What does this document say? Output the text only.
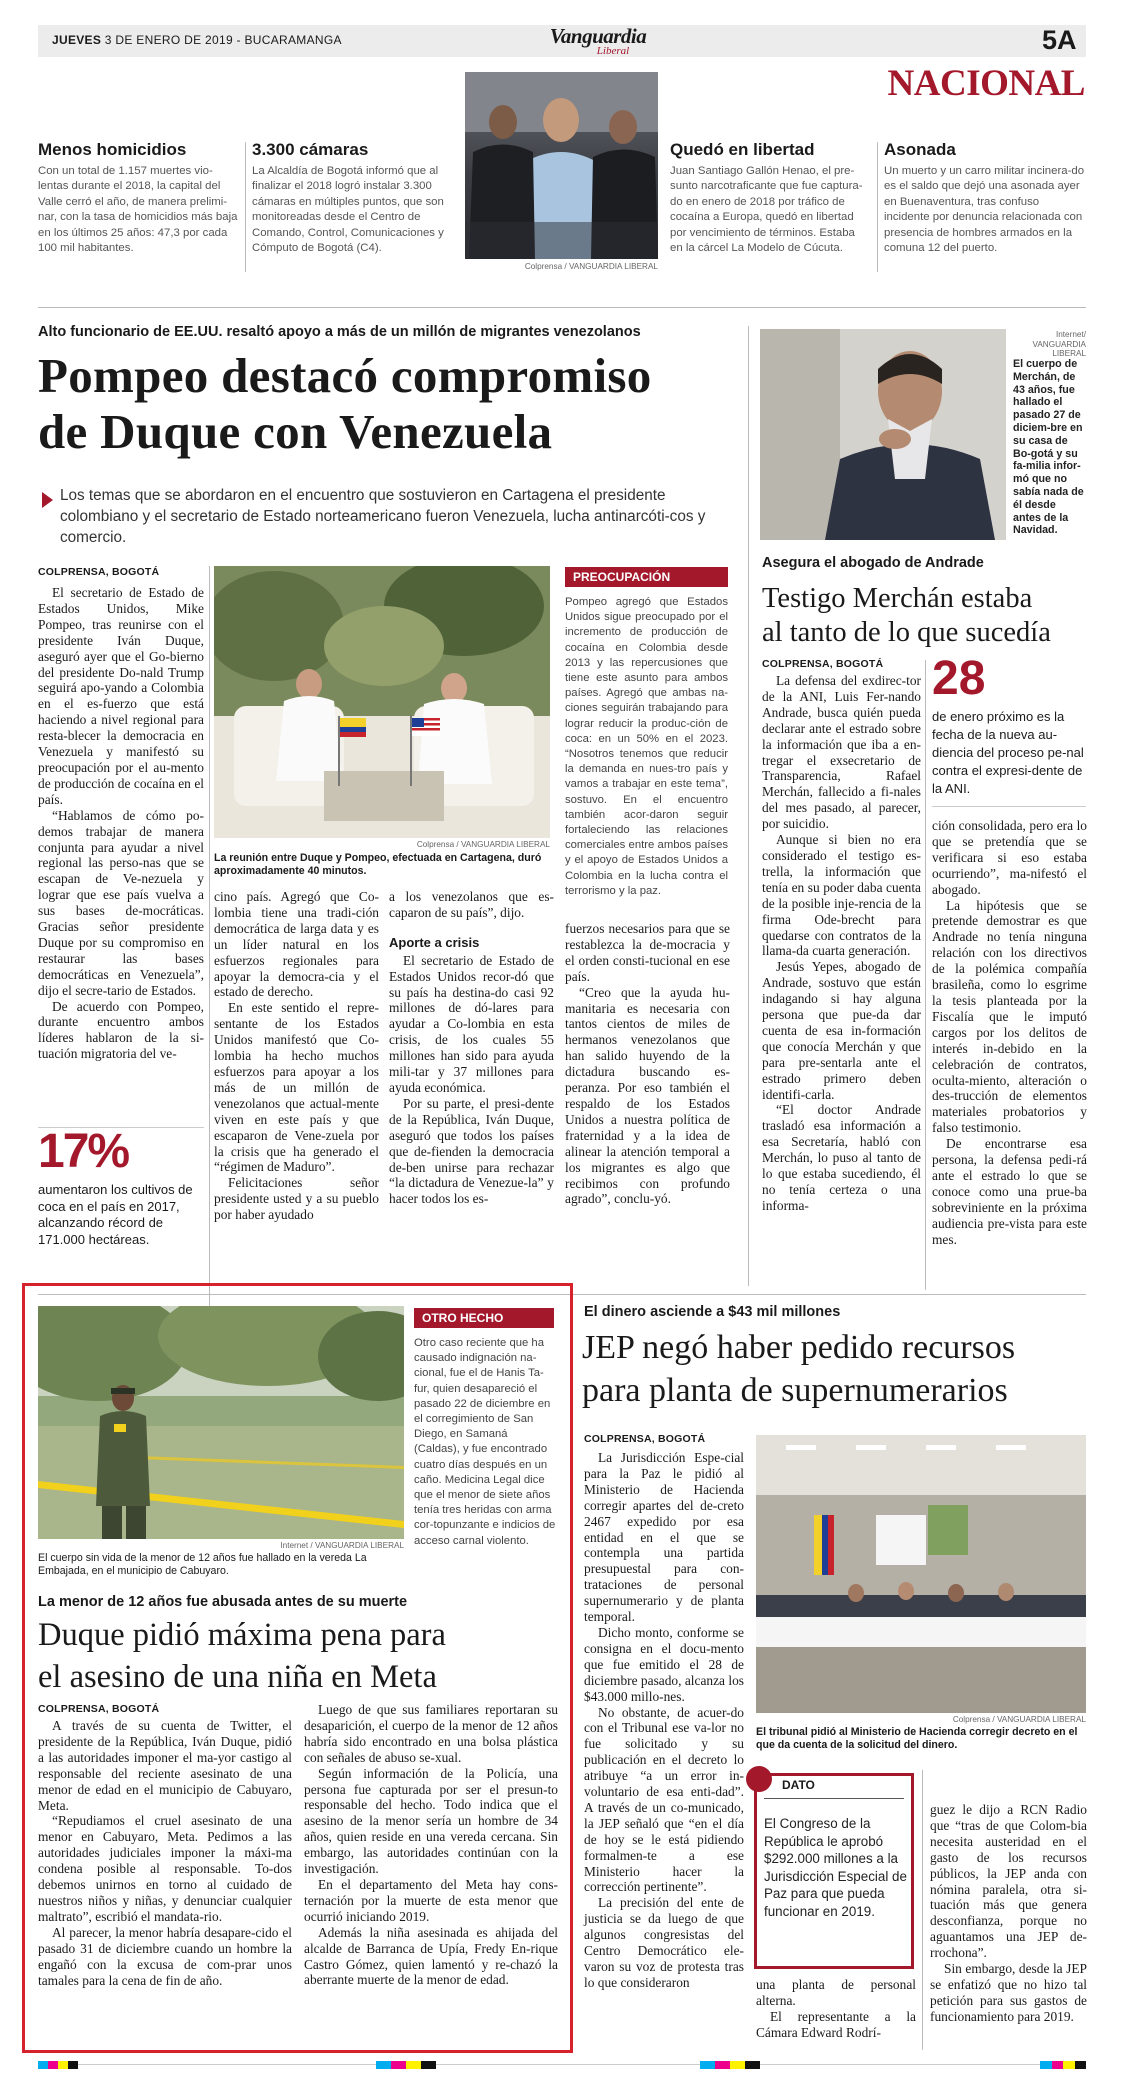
JUEVES 3 DE ENERO DE 2019 - BUCARAMANGA	Vanguardia
Liberal	5A
NACIONAL
Menos homicidios
Con un total de 1.157 muertes vio-lentas durante el 2018, la capital del Valle cerró el año, de manera prelimi-nar, con la tasa de homicidios más baja en los últimos 25 años: 47,3 por cada 100 mil habitantes.
3.300 cámaras
La Alcaldía de Bogotá informó que al finalizar el 2018 logró instalar 3.300 cámaras en múltiples puntos, que son monitoreadas desde el Centro de Comando, Control, Comunicaciones y Cómputo de Bogotá (C4).
Colprensa / VANGUARDIA LIBERAL
Quedó en libertad
Juan Santiago Gallón Henao, el pre-sunto narcotraficante que fue captura-do en enero de 2018 por tráfico de cocaína a Europa, quedó en libertad por vencimiento de términos. Estaba en la cárcel La Modelo de Cúcuta.
Asonada
Un muerto y un carro militar incinera-do es el saldo que dejó una asonada ayer en Buenaventura, tras confuso incidente por denuncia relacionada con presencia de hombres armados en la comuna 12 del puerto.
Alto funcionario de EE.UU. resaltó apoyo a más de un millón de migrantes venezolanos
Pompeo destacó compromiso
de Duque con Venezuela
Los temas que se abordaron en el encuentro que sostuvieron en Cartagena el presidente colombiano y el secretario de Estado norteamericano fueron Venezuela, lucha antinarcóti-cos y comercio.
COLPRENSA, BOGOTÁ

El secretario de Estado de Estados Unidos, Mike Pompeo, tras reunirse con el presidente Iván Duque, aseguró ayer que el Go-bierno del presidente Do-nald Trump seguirá apo-yando a Colombia en el es-fuerzo que está haciendo a nivel regional para resta-blecer la democracia en Venezuela y manifestó su preocupación por el au-mento de producción de cocaína en el país.

“Hablamos de cómo po-demos trabajar de manera conjunta para ayudar a nivel regional las perso-nas que se escapan de Ve-nezuela y lograr que ese país vuelva a sus bases de-mocráticas. Gracias señor presidente Duque por su compromiso en restaurar las bases democráticas en Venezuela”, dijo el secre-tario de Estados.

De acuerdo con Pompeo, durante encuentro ambos líderes hablaron de la si-tuación migratoria del ve-

17%
aumentaron los cultivos de coca en el país en 2017, alcanzando récord de 171.000 hectáreas.
Colprensa / VANGUARDIA LIBERAL
La reunión entre Duque y Pompeo, efectuada en Cartagena, duró aproximadamente 40 minutos.

cino país. Agregó que Co-lombia tiene una tradi-ción democrática de larga data y es un líder natural en los esfuerzos regionales para apoyar la democra-cia y el estado de derecho.

En este sentido el repre-sentante de los Estados Unidos manifestó que Co-lombia ha hecho muchos esfuerzos para apoyar a los más de un millón de venezolanos que actual-mente viven en este país y que escaparon de Vene-zuela por la crisis que ha generado el “régimen de Maduro”.

Felicitaciones señor presidente usted y a su pueblo por haber ayudado

a los venezolanos que es-caparon de su país”, dijo.

Aporte a crisis

El secretario de Estado de Estados Unidos recor-dó que su país ha destina-do casi 92 millones de dó-lares para ayudar a Co-lombia en esta crisis, de los cuales 55 millones han sido para ayuda mili-tar y 37 millones para ayuda económica.

Por su parte, el presi-dente de la República, Iván Duque, aseguró que todos los países que de-fienden la democracia de-ben unirse para rechazar “la dictadura de Venezue-la” y hacer todos los es-

PREOCUPACIÓN
Pompeo agregó que Estados Unidos sigue preocupado por el incremento de producción de cocaína en Colombia desde 2013 y las repercusiones que tiene este asunto para ambos países. Agregó que ambas na-ciones seguirán trabajando para lograr reducir la produc-ción de coca: en un 50% en el 2023. “Nosotros tenemos que reducir la demanda en nues-tro país y vamos a trabajar en este tema”, sostuvo. En el encuentro también acor-daron seguir fortaleciendo las relaciones comerciales entre ambos países y el apoyo de Estados Unidos a Colombia en la lucha contra el terrorismo y la paz.

fuerzos necesarios para que se restablezca la de-mocracia y el orden consti-tucional en ese país.

“Creo que la ayuda hu-manitaria es necesaria con tantos cientos de miles de hermanos venezolanos que han salido huyendo de la dictadura buscando es-peranza. Por eso también el respaldo de los Estados Unidos a nuestra política de fraternidad y a la idea de alinear la atención temporal a los migrantes es algo que recibimos con profundo agrado”, conclu-yó.

Internet/ VANGUARDIA LIBERAL
El cuerpo de Merchán, de 43 años, fue hallado el pasado 27 de diciem-bre en su casa de Bo-gotá y su fa-milia infor-mó que no sabía nada de él desde antes de la Navidad.
Asegura el abogado de Andrade
Testigo Merchán estaba
al tanto de lo que sucedía
COLPRENSA, BOGOTÁ

La defensa del exdirec-tor de la ANI, Luis Fer-nando Andrade, busca quién pueda declarar ante el estrado sobre la información que iba a en-tregar el exsecretario de Transparencia, Rafael Merchán, fallecido a fi-nales del mes pasado, al parecer, por suicidio.

Aunque si bien no era considerado el testigo es-trella, la información que tenía en su poder daba cuenta de la posible inje-rencia de la firma Ode-brecht para quedarse con contratos de la llama-da cuarta generación.

Jesús Yepes, abogado de Andrade, sostuvo que están indagando si hay alguna persona que pue-da dar cuenta de esa in-formación que conocía Merchán y que para pre-sentarla ante el estrado primero deben identifi-carla.

“El doctor Andrade trasladó esa información a esa Secretaría, habló con Merchán, lo puso al tanto de lo que estaba sucediendo, él no tenía certeza o una informa-

28
de enero próximo es la fecha de la nueva au-diencia del proceso pe-nal contra el expresi-dente de la ANI.

ción consolidada, pero era lo que se pretendía que se verificara si eso estaba ocurriendo”, ma-nifestó el abogado.

La hipótesis que se pretende demostrar es que Andrade no tenía ninguna relación con los directivos de la polémica compañía brasileña, como lo esgrime la tesis planteada por la Fiscalía que le imputó cargos por los delitos de interés in-debido en la celebración de contratos, oculta-miento, alteración o des-trucción de elementos materiales probatorios y falso testimonio.

De encontrarse esa persona, la defensa pedi-rá ante el estrado lo que se conoce como una prue-ba sobreviniente en la próxima audiencia pre-vista para este mes.

Internet / VANGUARDIA LIBERAL
El cuerpo sin vida de la menor de 12 años fue hallado en la vereda La Embajada, en el municipio de Cabuyaro.
OTRO HECHO
Otro caso reciente que ha causado indignación na-cional, fue el de Hanis Ta-fur, quien desapareció el pasado 22 de diciembre en el corregimiento de San Diego, en Samaná (Caldas), y fue encontrado cuatro días después en un caño. Medicina Legal dice que el menor de siete años tenía tres heridas con arma cor-topunzante e indicios de acceso carnal violento.
La menor de 12 años fue abusada antes de su muerte
Duque pidió máxima pena para
el asesino de una niña en Meta
COLPRENSA, BOGOTÁ

A través de su cuenta de Twitter, el presidente de la República, Iván Duque, pidió a las autoridades imponer el ma-yor castigo al responsable del reciente asesinato de una menor de edad en el municipio de Cabuyaro, Meta.

“Repudiamos el cruel asesinato de una menor en Cabuyaro, Meta. Pedimos a las autoridades judiciales imponer la máxi-ma condena posible al responsable. To-dos debemos unirnos en torno al cuidado de nuestros niños y niñas, y denunciar cualquier maltrato”, escribió el mandata-rio.

Al parecer, la menor habría desapare-cido el pasado 31 de diciembre cuando un hombre la engañó con la excusa de com-prar unos tamales para la cena de fin de año.

Luego de que sus familiares reportaran su desaparición, el cuerpo de la menor de 12 años habría sido encontrado en una bolsa plástica con señales de abuso se-xual.

Según información de la Policía, una persona fue capturada por ser el presun-to responsable del hecho. Todo indica que el asesino de la menor sería un hombre de 34 años, quien reside en una vereda cercana. Sin embargo, las autoridades continúan con la investigación.

En el departamento del Meta hay cons-ternación por la muerte de esta menor que ocurrió iniciando 2019.

Además la niña asesinada es ahijada del alcalde de Barranca de Upía, Fredy En-rique Castro Gómez, quien lamentó y re-chazó la aberrante muerte de la menor de edad.

El dinero asciende a $43 mil millones
JEP negó haber pedido recursos
para planta de supernumerarios
COLPRENSA, BOGOTÁ

La Jurisdicción Espe-cial para la Paz le pidió al Ministerio de Hacienda corregir apartes del de-creto 2467 expedido por esa entidad en el que se contempla una partida presupuestal para con-trataciones de personal supernumerario y de planta temporal.

Dicho monto, conforme se consigna en el docu-mento que fue emitido el 28 de diciembre pasado, alcanza los $43.000 millo-nes.

No obstante, de acuer-do con el Tribunal ese va-lor no fue solicitado y su publicación en el decreto lo atribuye “a un error in-voluntario de esa enti-dad”. A través de un co-municado, la JEP señaló que “en el día de hoy se le está pidiendo formalmen-te a ese Ministerio hacer la corrección pertinente”.

La precisión del ente de justicia se da luego de que algunos congresistas del Centro Democrático ele-varon su voz de protesta tras lo que consideraron

Colprensa / VANGUARDIA LIBERAL
El tribunal pidió al Ministerio de Hacienda corregir decreto en el que da cuenta de la solicitud del dinero.
DATO
El Congreso de la República le aprobó $292.000 millones a la Jurisdicción Especial de Paz para que pueda funcionar en 2019.

una planta de personal alterna.

El representante a la Cámara Edward Rodrí-

guez le dijo a RCN Radio que “tras de que Colom-bia necesita austeridad en el gasto de los recursos públicos, la JEP anda con nómina paralela, otra si-tuación más que genera desconfianza, porque no aguantamos una JEP de-rrochona”.

Sin embargo, desde la JEP se enfatizó que no hizo tal petición para sus gastos de funcionamiento para 2019.
